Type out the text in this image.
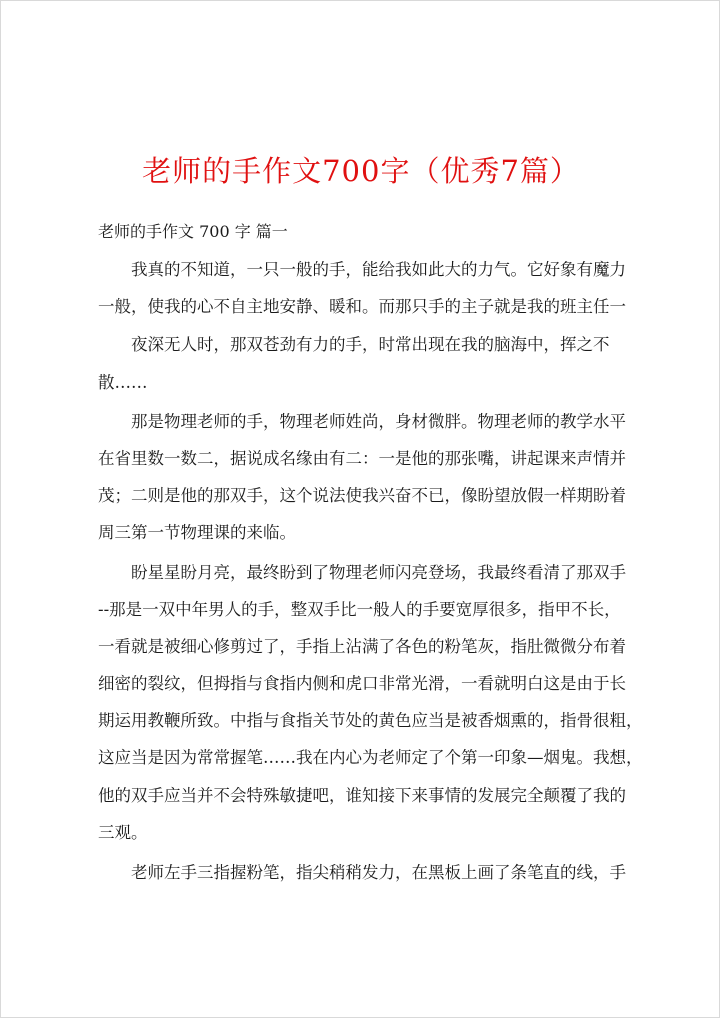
老师的手作文700字（优秀7篇）
老师的手作文 700 字 篇一
我真的不知道，一只一般的手，能给我如此大的力气。它好象有魔力
一般，使我的心不自主地安静、暖和。而那只手的主子就是我的班主任一
夜深无人时，那双苍劲有力的手，时常出现在我的脑海中，挥之不
散……
那是物理老师的手，物理老师姓尚，身材微胖。物理老师的教学水平
在省里数一数二，据说成名缘由有二：一是他的那张嘴，讲起课来声情并
茂；二则是他的那双手，这个说法使我兴奋不已，像盼望放假一样期盼着
周三第一节物理课的来临。
盼星星盼月亮，最终盼到了物理老师闪亮登场，我最终看清了那双手
--那是一双中年男人的手，整双手比一般人的手要宽厚很多，指甲不长，
一看就是被细心修剪过了，手指上沾满了各色的粉笔灰，指肚微微分布着
细密的裂纹，但拇指与食指内侧和虎口非常光滑，一看就明白这是由于长
期运用教鞭所致。中指与食指关节处的黄色应当是被香烟熏的，指骨很粗，
这应当是因为常常握笔……我在内心为老师定了个第一印象—烟鬼。我想，
他的双手应当并不会特殊敏捷吧，谁知接下来事情的发展完全颠覆了我的
三观。
老师左手三指握粉笔，指尖稍稍发力，在黑板上画了条笔直的线，手
